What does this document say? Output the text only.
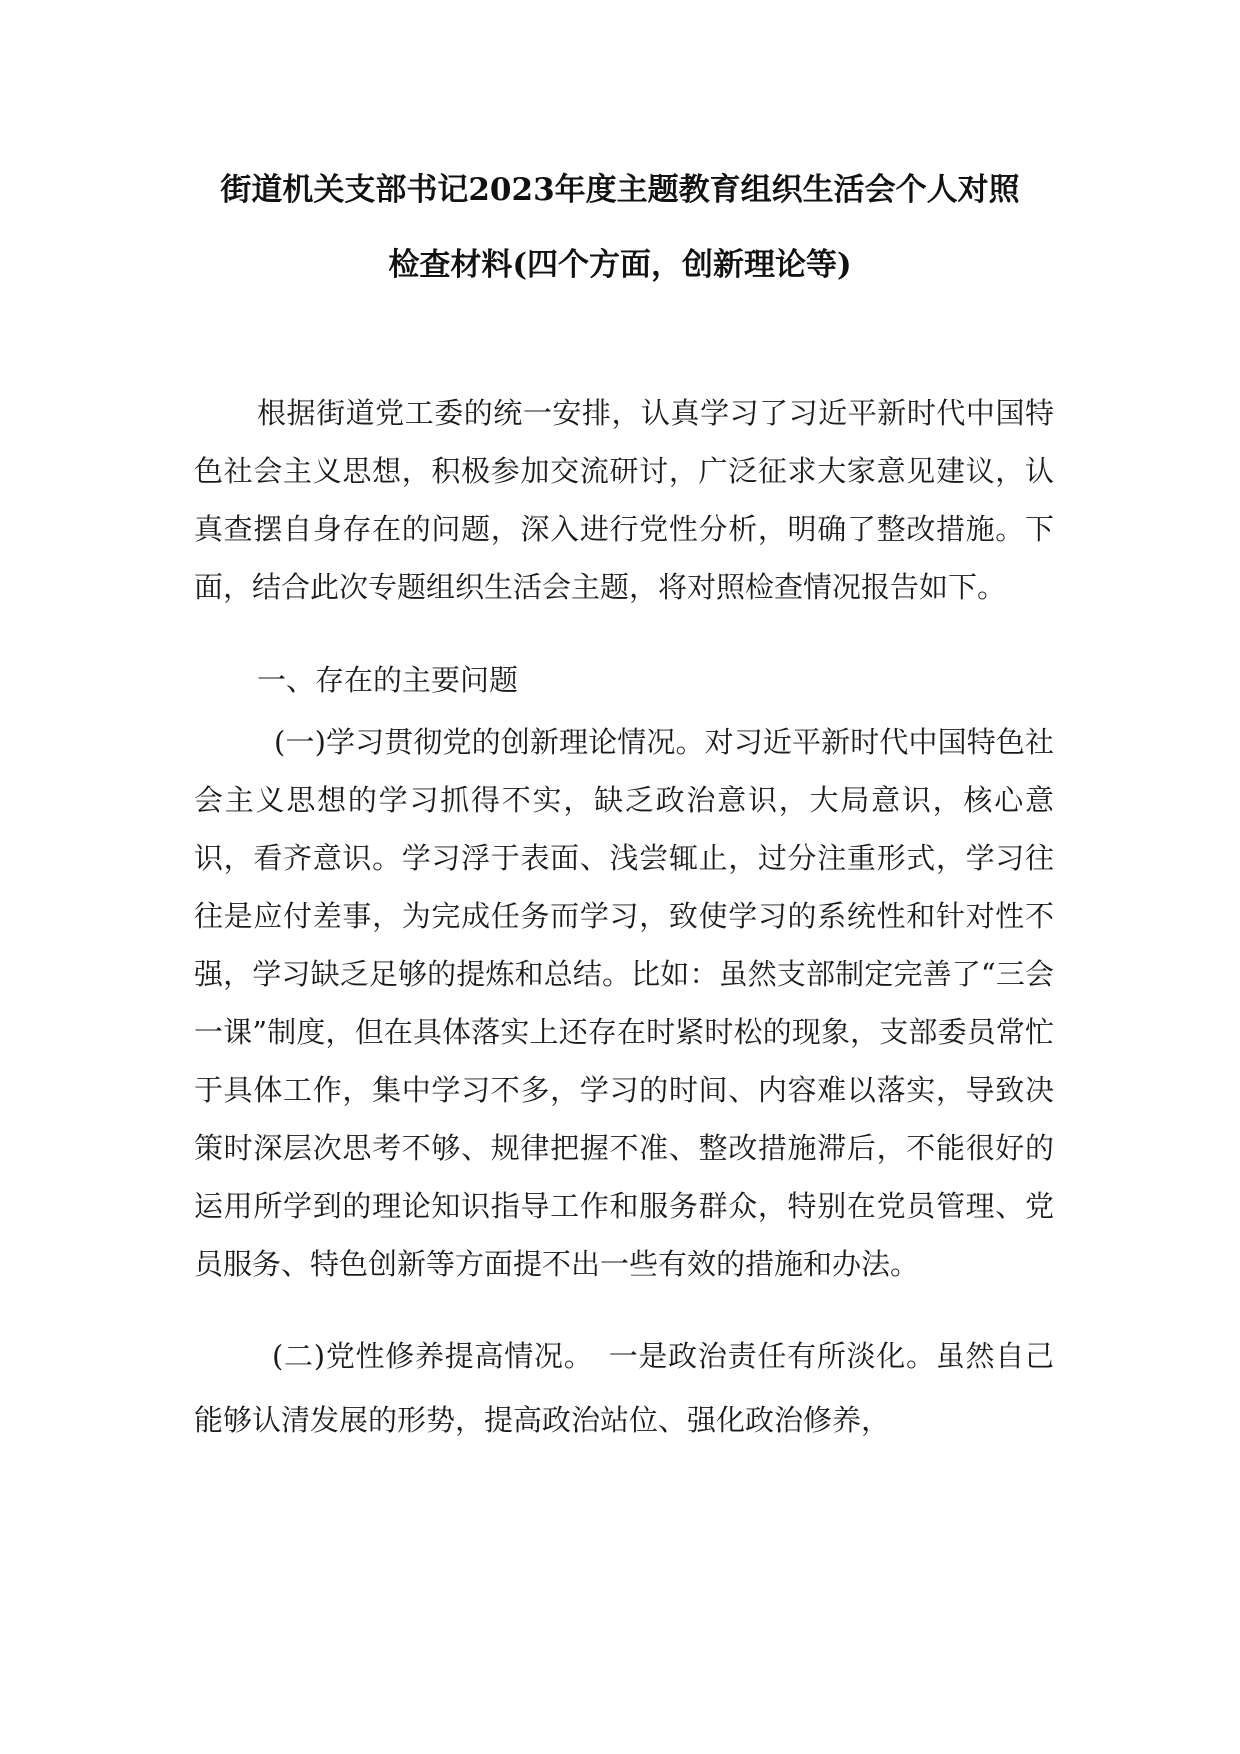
街道机关支部书记2023年度主题教育组织生活会个人对照
检查材料(四个方面，创新理论等)
根据街道党工委的统一安排，认真学习了习近平新时代中国特色社会主义思想，积极参加交流研讨，广泛征求大家意见建议，认真查摆自身存在的问题，深入进行党性分析，明确了整改措施。下面，结合此次专题组织生活会主题，将对照检查情况报告如下。
一、存在的主要问题
(一)学习贯彻党的创新理论情况。对习近平新时代中国特色社会主义思想的学习抓得不实，缺乏政治意识，大局意识，核心意识，看齐意识。学习浮于表面、浅尝辄止，过分注重形式，学习往往是应付差事，为完成任务而学习，致使学习的系统性和针对性不强，学习缺乏足够的提炼和总结。比如：虽然支部制定完善了“三会一课”制度，但在具体落实上还存在时紧时松的现象，支部委员常忙于具体工作，集中学习不多，学习的时间、内容难以落实，导致决策时深层次思考不够、规律把握不准、整改措施滞后，不能很好的运用所学到的理论知识指导工作和服务群众，特别在党员管理、党员服务、特色创新等方面提不出一些有效的措施和办法。
(二)党性修养提高情况。　一是政治责任有所淡化。虽然自己能够认清发展的形势，提高政治站位、强化政治修养，
